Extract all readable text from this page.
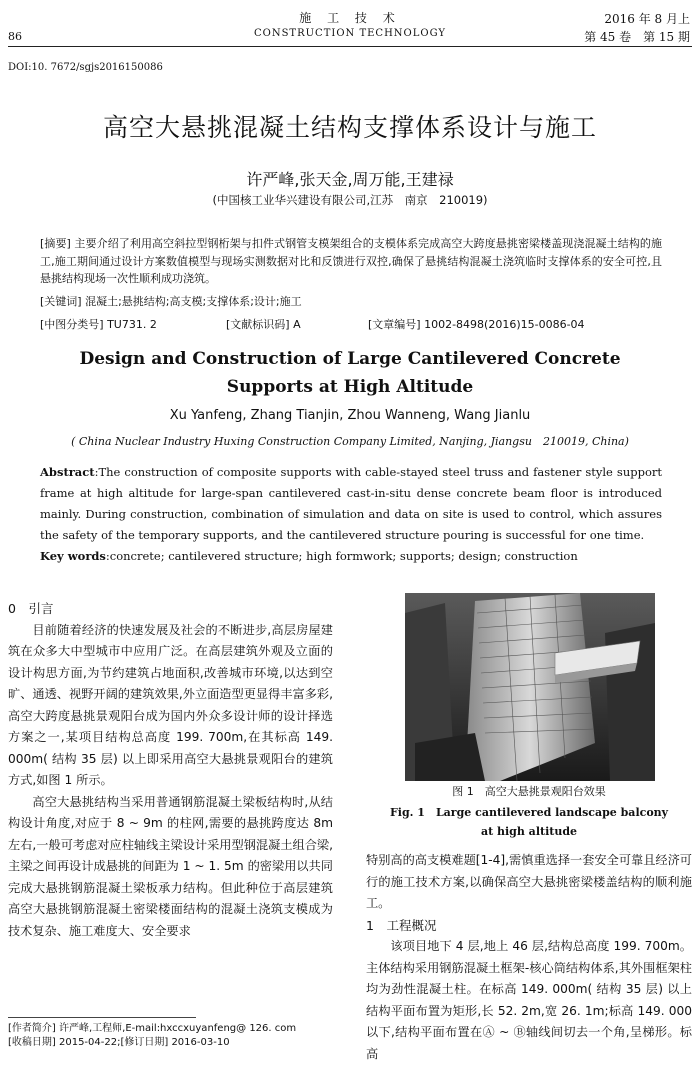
86
施 工 技 术
CONSTRUCTION TECHNOLOGY
2016 年 8 月上
第 45 卷　第 15 期
DOI:10. 7672/sgjs2016150086
高空大悬挑混凝土结构支撑体系设计与施工
许严峰,张天金,周万能,王建禄
(中国核工业华兴建设有限公司,江苏　南京　210019)
[摘要] 主要介绍了利用高空斜拉型钢桁架与扣件式钢管支模架组合的支模体系完成高空大跨度悬挑密梁楼盖现浇混凝土结构的施工,施工期间通过设计方案数值模型与现场实测数据对比和反馈进行双控,确保了悬挑结构混凝土浇筑临时支撑体系的安全可控,且悬挑结构现场一次性顺利成功浇筑。
[关键词] 混凝土;悬挑结构;高支模;支撑体系;设计;施工
[中图分类号] TU731. 2	[文献标识码] A	[文章编号] 1002-8498(2016)15-0086-04
Design and Construction of Large Cantilevered Concrete
Supports at High Altitude
Xu Yanfeng, Zhang Tianjin, Zhou Wanneng, Wang Jianlu
( China Nuclear Industry Huxing Construction Company Limited, Nanjing, Jiangsu　210019, China)
Abstract:The construction of composite supports with cable-stayed steel truss and fastener style support frame at high altitude for large-span cantilevered cast-in-situ dense concrete beam floor is introduced mainly. During construction, combination of simulation and data on site is used to control, which assures the safety of the temporary supports, and the cantilevered structure pouring is successful for one time.
Key words:concrete; cantilevered structure; high formwork; supports; design; construction

0　引言

目前随着经济的快速发展及社会的不断进步,高层房屋建筑在众多大中型城市中应用广泛。在高层建筑外观及立面的设计构思方面,为节约建筑占地面积,改善城市环境,以达到空旷、通透、视野开阔的建筑效果,外立面造型更显得丰富多彩,高空大跨度悬挑景观阳台成为国内外众多设计师的设计择选方案之一,某项目结构总高度 199. 700m,在其标高 149. 000m( 结构 35 层) 以上即采用高空大悬挑景观阳台的建筑方式,如图 1 所示。

高空大悬挑结构当采用普通钢筋混凝土梁板结构时,从结构设计角度,对应于 8 ~ 9m 的柱网,需要的悬挑跨度达 8m 左右,一般可考虑对应柱轴线主梁设计采用型钢混凝土组合梁,主梁之间再设计成悬挑的间距为 1 ~ 1. 5m 的密梁用以共同完成大悬挑钢筋混凝土梁板承力结构。但此种位于高层建筑高空大悬挑钢筋混凝土密梁楼面结构的混凝土浇筑支模成为技术复杂、施工难度大、安全要求

图 1　高空大悬挑景观阳台效果
Fig. 1　Large cantilevered landscape balcony
at high altitude

特别高的高支模难题[1-4],需慎重选择一套安全可靠且经济可行的施工技术方案,以确保高空大悬挑密梁楼盖结构的顺利施工。

1　工程概况

该项目地下 4 层,地上 46 层,结构总高度 199. 700m。主体结构采用钢筋混凝土框架-核心筒结构体系,其外围框架柱均为劲性混凝土柱。在标高 149. 000m( 结构 35 层) 以上结构平面布置为矩形,长 52. 2m,宽 26. 1m;标高 149. 000 以下,结构平面布置在Ⓐ ~ Ⓑ轴线间切去一个角,呈梯形。标高

[作者简介] 许严峰,工程师,E-mail:hxccxuyanfeng@ 126. com
[收稿日期] 2015-04-22;[修订日期] 2016-03-10
